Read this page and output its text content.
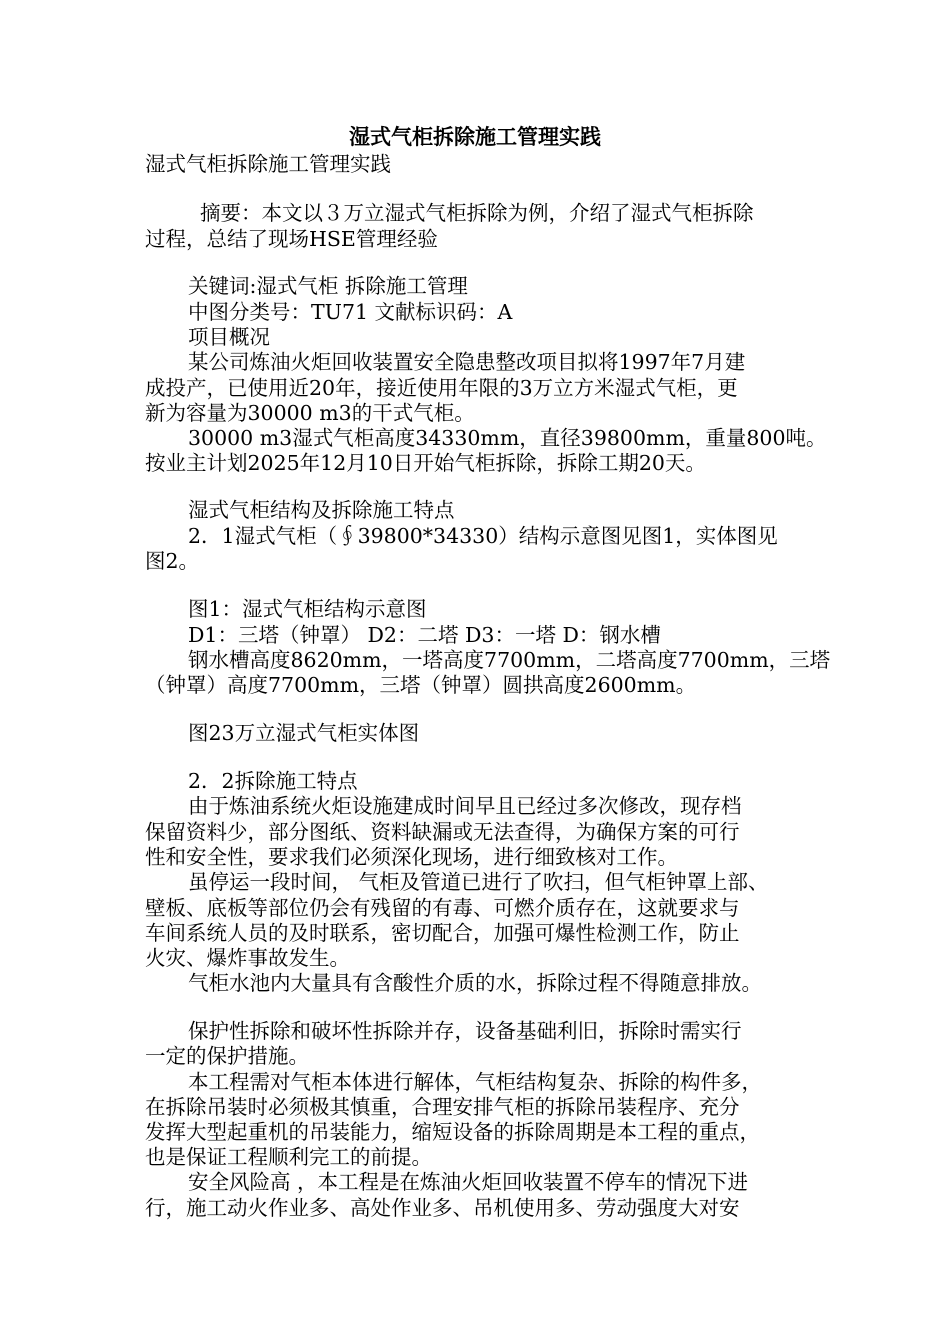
湿式气柜拆除施工管理实践
湿式气柜拆除施工管理实践
摘要：本文以３万立湿式气柜拆除为例，介绍了湿式气柜拆除
过程，总结了现场HSE管理经验
关键词:湿式气柜 拆除施工管理
中图分类号：TU71 文献标识码：A
项目概况
某公司炼油火炬回收装置安全隐患整改项目拟将1997年7月建
成投产，已使用近20年，接近使用年限的3万立方米湿式气柜，更
新为容量为30000 m3的干式气柜。
30000 m3湿式气柜高度34330mm，直径39800mm，重量800吨。
按业主计划2025年12月10日开始气柜拆除，拆除工期20天。
湿式气柜结构及拆除施工特点
2．1湿式气柜（∮39800*34330）结构示意图见图1，实体图见
图2。
图1：湿式气柜结构示意图
D1：三塔（钟罩） D2：二塔 D3：一塔 D：钢水槽
钢水槽高度8620mm，一塔高度7700mm，二塔高度7700mm，三塔
（钟罩）高度7700mm，三塔（钟罩）圆拱高度2600mm。
图23万立湿式气柜实体图
2．2拆除施工特点
由于炼油系统火炬设施建成时间早且已经过多次修改，现存档
保留资料少，部分图纸、资料缺漏或无法查得，为确保方案的可行
性和安全性，要求我们必须深化现场，进行细致核对工作。
虽停运一段时间， 气柜及管道已进行了吹扫，但气柜钟罩上部、
壁板、底板等部位仍会有残留的有毒、可燃介质存在，这就要求与
车间系统人员的及时联系，密切配合，加强可爆性检测工作，防止
火灾、爆炸事故发生。
气柜水池内大量具有含酸性介质的水，拆除过程不得随意排放。
保护性拆除和破坏性拆除并存，设备基础利旧，拆除时需实行
一定的保护措施。
本工程需对气柜本体进行解体，气柜结构复杂、拆除的构件多，
在拆除吊装时必须极其慎重，合理安排气柜的拆除吊装程序、充分
发挥大型起重机的吊装能力，缩短设备的拆除周期是本工程的重点，
也是保证工程顺利完工的前提。
安全风险高 ，本工程是在炼油火炬回收装置不停车的情况下进
行，施工动火作业多、高处作业多、吊机使用多、劳动强度大对安
